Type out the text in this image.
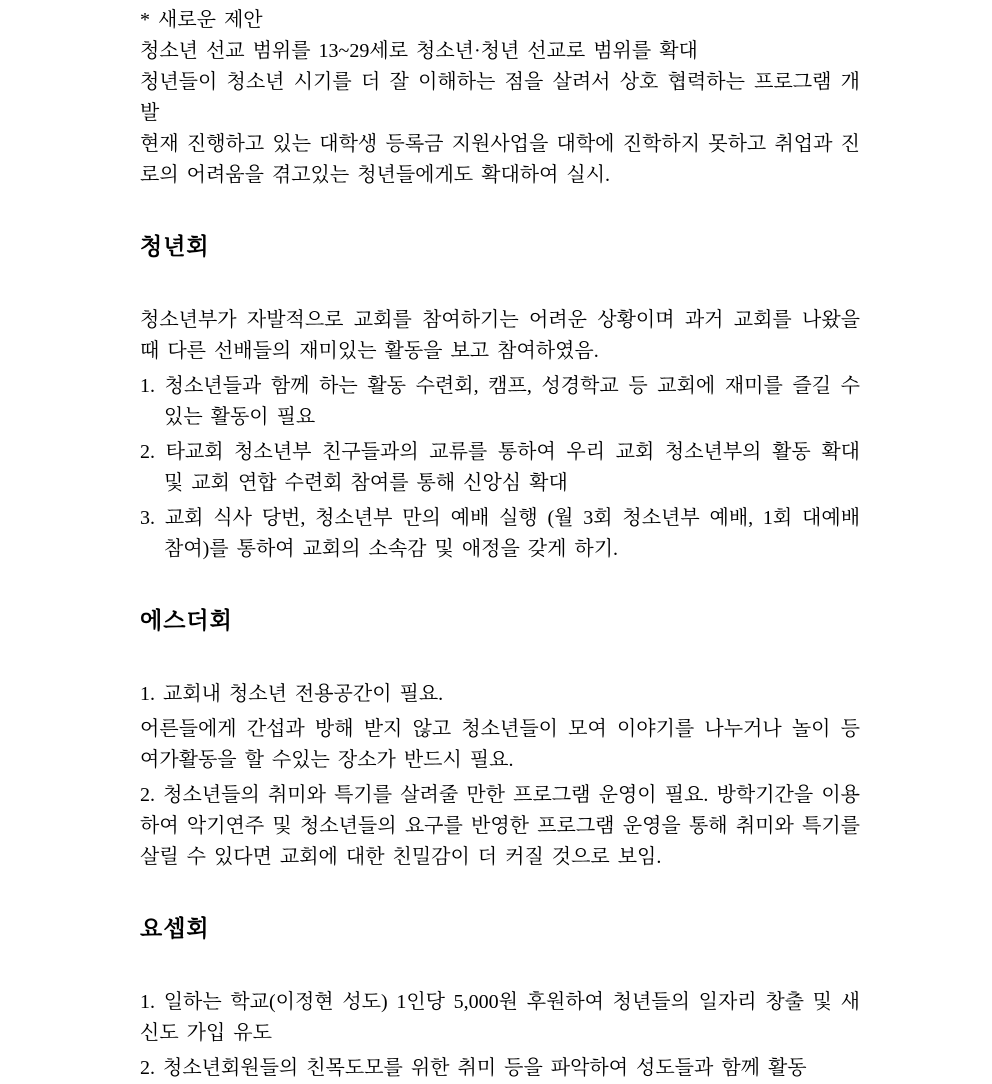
* 새로운 제안

청소년 선교 범위를 13~29세로 청소년·청년 선교로 범위를 확대

청년들이 청소년 시기를 더 잘 이해하는 점을 살려서 상호 협력하는 프로그램 개발

현재 진행하고 있는 대학생 등록금 지원사업을 대학에 진학하지 못하고 취업과 진로의 어려움을 겪고있는 청년들에게도 확대하여 실시.

청년회

청소년부가 자발적으로 교회를 참여하기는 어려운 상황이며 과거 교회를 나왔을 때 다른 선배들의 재미있는 활동을 보고 참여하였음.

1. 청소년들과 함께 하는 활동 수련회, 캠프, 성경학교 등 교회에 재미를 즐길 수 있는 활동이 필요

2. 타교회 청소년부 친구들과의 교류를 통하여 우리 교회 청소년부의 활동 확대 및 교회 연합 수련회 참여를 통해 신앙심 확대

3. 교회 식사 당번, 청소년부 만의 예배 실행 (월 3회 청소년부 예배, 1회 대예배 참여)를 통하여 교회의 소속감 및 애정을 갖게 하기.

에스더회

1. 교회내 청소년 전용공간이 필요.

어른들에게 간섭과 방해 받지 않고 청소년들이 모여 이야기를 나누거나 놀이 등 여가활동을 할 수있는 장소가 반드시 필요.

2. 청소년들의 취미와 특기를 살려줄 만한 프로그램 운영이 필요. 방학기간을 이용하여 악기연주 및 청소년들의 요구를 반영한 프로그램 운영을 통해 취미와 특기를 살릴 수 있다면 교회에 대한 친밀감이 더 커질 것으로 보임.

요셉회

1. 일하는 학교(이정현 성도) 1인당 5,000원 후원하여 청년들의 일자리 창출 및 새신도 가입 유도

2. 청소년회원들의 친목도모를 위한 취미 등을 파악하여 성도들과 함께 활동
